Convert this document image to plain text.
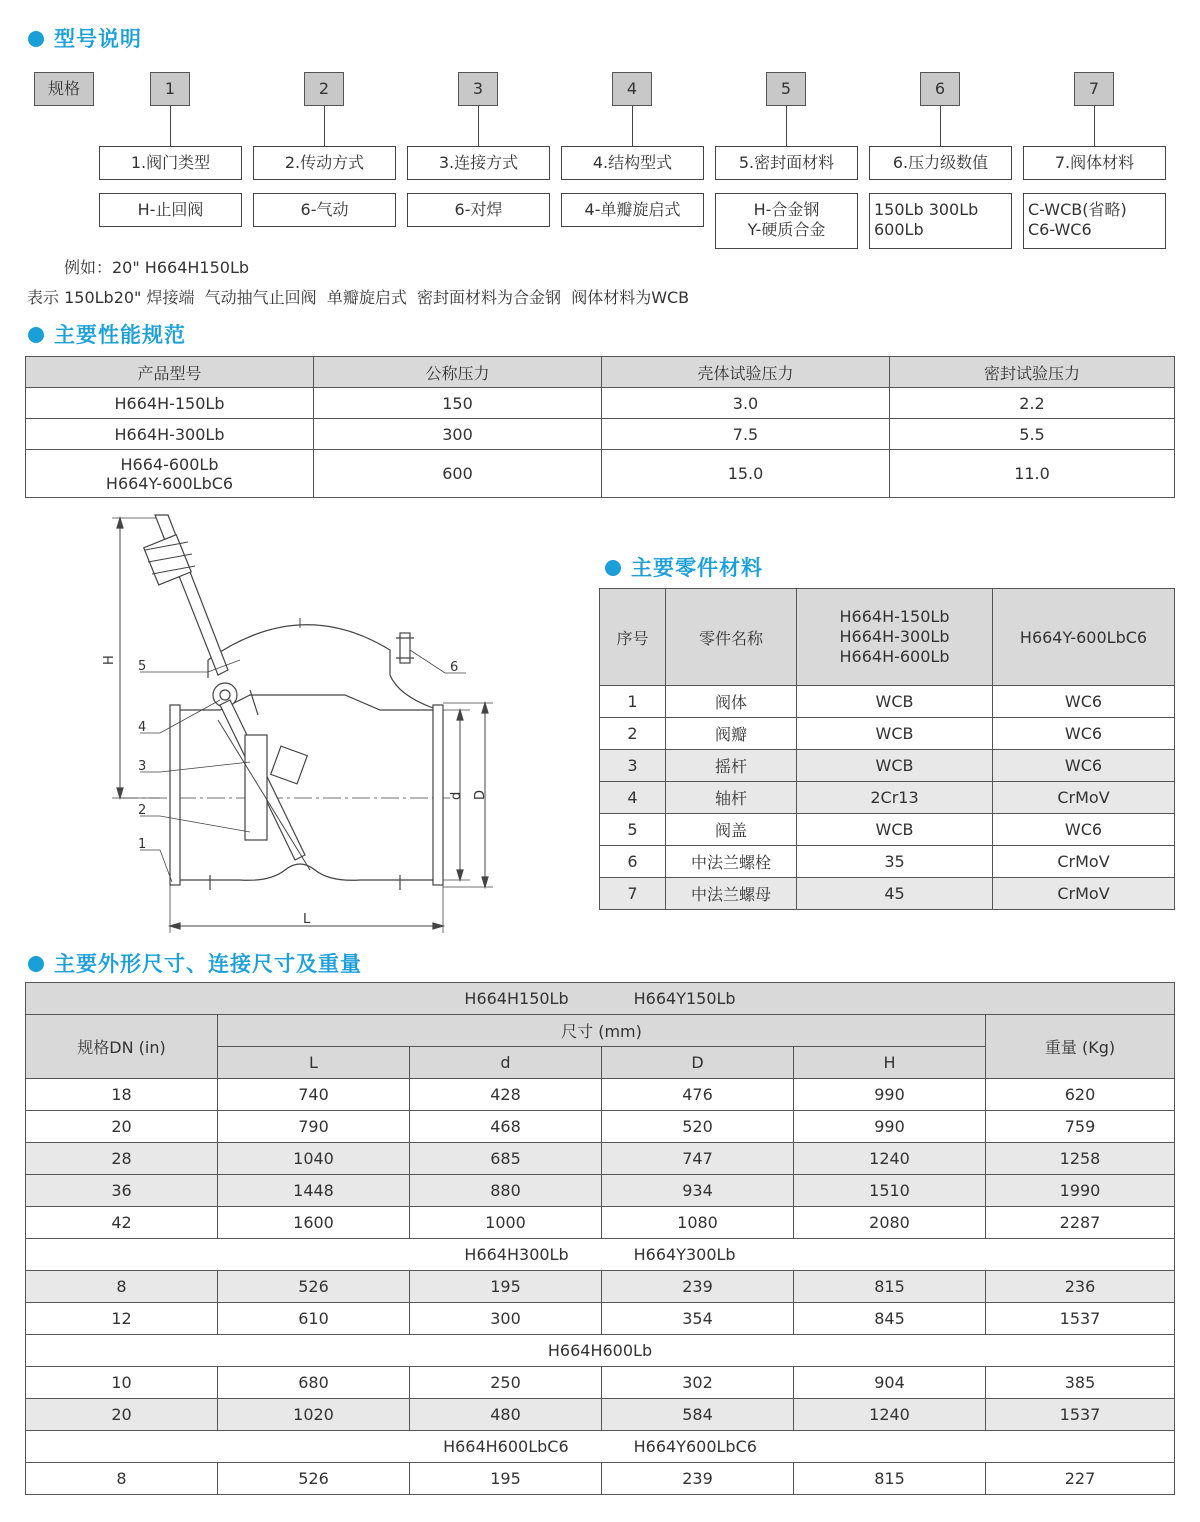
型号说明
规格	1
1.阀门类型
H-止回阀
2
2.传动方式
6-气动
3
3.连接方式
6-对焊
4
4.结构型式
4-单瓣旋启式
5
5.密封面材料
H-合金钢
Y-硬质合金
6
6.压力级数值
150Lb 300Lb
600Lb
7
7.阀体材料
C-WCB(省略)
C6-WC6
例如：20" H664H150Lb
表示 150Lb20" 焊接端  气动抽气止回阀  单瓣旋启式  密封面材料为合金钢  阀体材料为WCB
主要性能规范
产品型号	公称压力	壳体试验压力	密封试验压力
H664H-150Lb	150	3.0	2.2
H664H-300Lb	300	7.5	5.5

H664-600Lb
H664Y-600LbC6	600	15.0	11.0
H
L
d D
5
4
3
2
1
6
主要零件材料
序号	零件名称	H664H-150Lb
H664H-300Lb
H664H-600Lb	H664Y-600LbC6
1	阀体	WCB	WC6
2	阀瓣	WCB	WC6
3	摇杆	WCB	WC6
4	轴杆	2Cr13	CrMoV
5	阀盖	WCB	WC6
6	中法兰螺栓	35	CrMoV
7	中法兰螺母	45	CrMoV
主要外形尺寸、连接尺寸及重量
H664H150Lb H664Y150Lb					
规格DN (in)	尺寸 (mm)				重量 (Kg)
	L	d	D	H	
18	740	428	476	990	620
20	790	468	520	990	759
28	1040	685	747	1240	1258
36	1448	880	934	1510	1990
42	1600	1000	1080	2080	2287
H664H300Lb H664Y300Lb					
8	526	195	239	815	236
12	610	300	354	845	1537
H664H600Lb					
10	680	250	302	904	385
20	1020	480	584	1240	1537
H664H600LbC6 H664Y600LbC6					
8	526	195	239	815	227
